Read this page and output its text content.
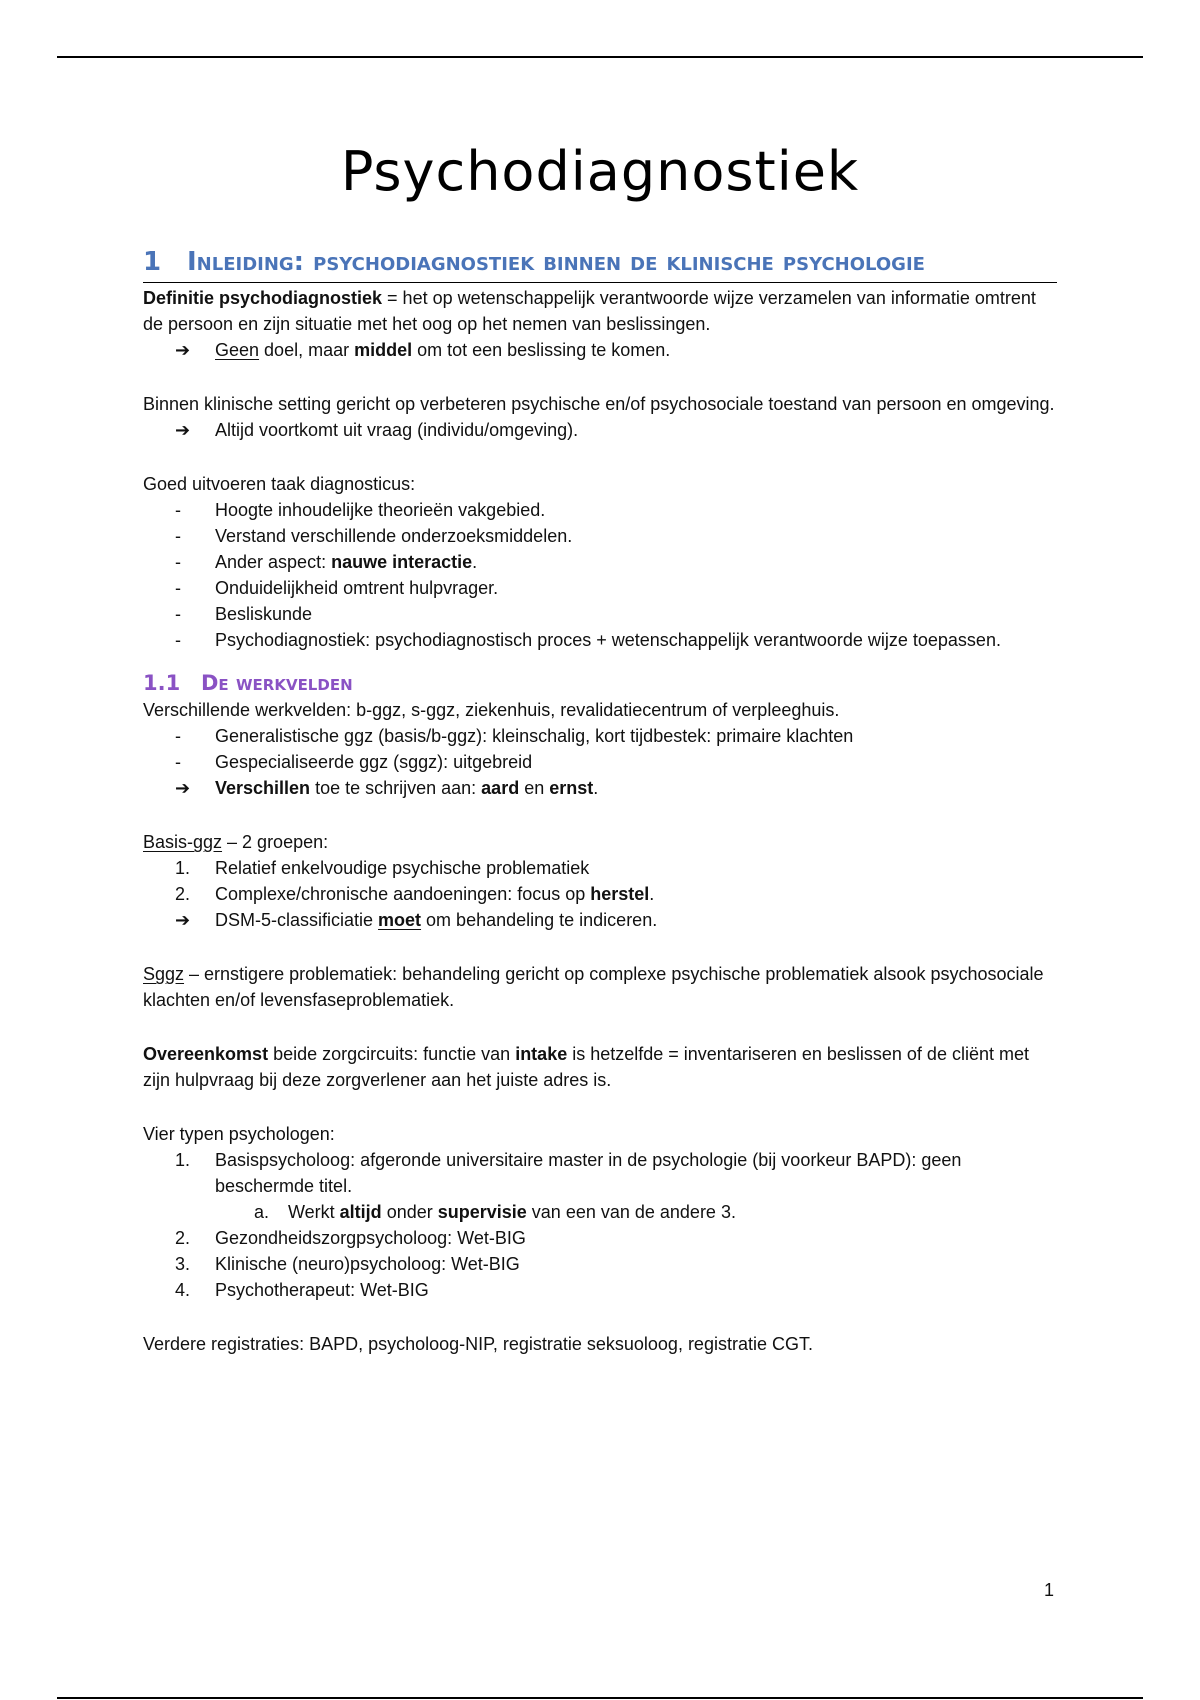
Psychodiagnostiek
1 Inleiding: psychodiagnostiek binnen de klinische psychologie

Definitie psychodiagnostiek = het op wetenschappelijk verantwoorde wijze verzamelen van informatie omtrent de persoon en zijn situatie met het oog op het nemen van beslissingen.

➔	Geen doel, maar middel om tot een beslissing te komen.

Binnen klinische setting gericht op verbeteren psychische en/of psychosociale toestand van persoon en omgeving.

➔	Altijd voortkomt uit vraag (individu/omgeving).

Goed uitvoeren taak diagnosticus:

-	Hoogte inhoudelijke theorieën vakgebied.
-	Verstand verschillende onderzoeksmiddelen.
-	Ander aspect: nauwe interactie.
-	Onduidelijkheid omtrent hulpvrager.
-	Besliskunde
-	Psychodiagnostiek: psychodiagnostisch proces + wetenschappelijk verantwoorde wijze toepassen.
1.1 De werkvelden

Verschillende werkvelden: b-ggz, s-ggz, ziekenhuis, revalidatiecentrum of verpleeghuis.

-	Generalistische ggz (basis/b-ggz): kleinschalig, kort tijdbestek: primaire klachten
-	Gespecialiseerde ggz (sggz): uitgebreid
➔	Verschillen toe te schrijven aan: aard en ernst.

Basis-ggz – 2 groepen:

1.	Relatief enkelvoudige psychische problematiek
2.	Complexe/chronische aandoeningen: focus op herstel.
➔	DSM-5-classificiatie moet om behandeling te indiceren.

Sggz – ernstigere problematiek: behandeling gericht op complexe psychische problematiek alsook psychosociale klachten en/of levensfaseproblematiek.

Overeenkomst beide zorgcircuits: functie van intake is hetzelfde = inventariseren en beslissen of de cliënt met zijn hulpvraag bij deze zorgverlener aan het juiste adres is.

Vier typen psychologen:

1.	Basispsycholoog: afgeronde universitaire master in de psychologie (bij voorkeur BAPD): geen beschermde titel.
a.	Werkt altijd onder supervisie van een van de andere 3.
2.	Gezondheidszorgpsycholoog: Wet-BIG
3.	Klinische (neuro)psycholoog: Wet-BIG
4.	Psychotherapeut: Wet-BIG

Verdere registraties: BAPD, psycholoog-NIP, registratie seksuoloog, registratie CGT.

1
